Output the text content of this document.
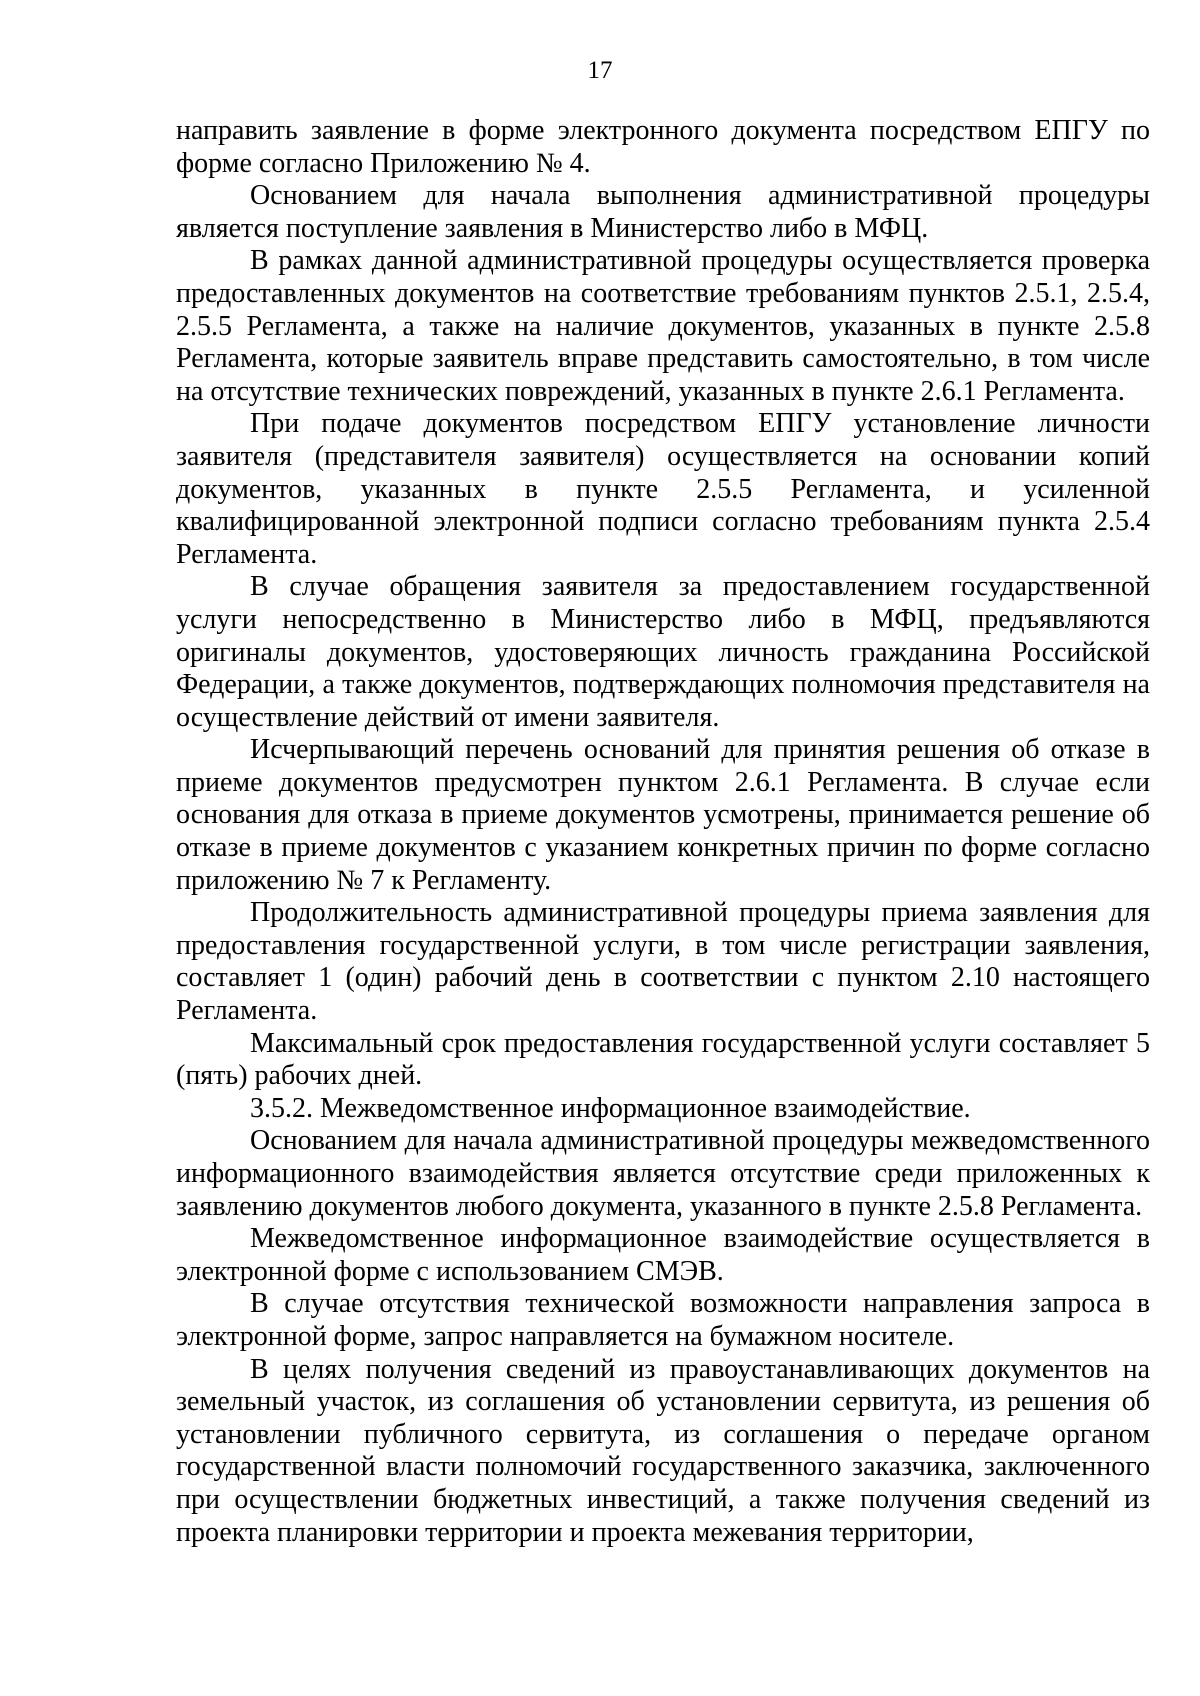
17

направить заявление в форме электронного документа посредством ЕПГУ по форме согласно Приложению № 4.

Основанием для начала выполнения административной процедуры является поступление заявления в Министерство либо в МФЦ.

В рамках данной административной процедуры осуществляется проверка предоставленных документов на соответствие требованиям пунктов 2.5.1, 2.5.4, 2.5.5 Регламента, а также на наличие документов, указанных в пункте 2.5.8 Регламента, которые заявитель вправе представить самостоятельно, в том числе на отсутствие технических повреждений, указанных в пункте 2.6.1 Регламента.

При подаче документов посредством ЕПГУ установление личности заявителя (представителя заявителя) осуществляется на основании копий документов, указанных в пункте 2.5.5 Регламента, и усиленной квалифицированной электронной подписи согласно требованиям пункта 2.5.4 Регламента.

В случае обращения заявителя за предоставлением государственной услуги непосредственно в Министерство либо в МФЦ, предъявляются оригиналы документов, удостоверяющих личность гражданина Российской Федерации, а также документов, подтверждающих полномочия представителя на осуществление действий от имени заявителя.

Исчерпывающий перечень оснований для принятия решения об отказе в приеме документов предусмотрен пунктом 2.6.1 Регламента. В случае если основания для отказа в приеме документов усмотрены, принимается решение об отказе в приеме документов с указанием конкретных причин по форме согласно приложению № 7 к Регламенту.

Продолжительность административной процедуры приема заявления для предоставления государственной услуги, в том числе регистрации заявления, составляет 1 (один) рабочий день в соответствии с пунктом 2.10 настоящего Регламента.

Максимальный срок предоставления государственной услуги составляет 5 (пять) рабочих дней.

3.5.2. Межведомственное информационное взаимодействие.

Основанием для начала административной процедуры межведомственного информационного взаимодействия является отсутствие среди приложенных к заявлению документов любого документа, указанного в пункте 2.5.8 Регламента.

Межведомственное информационное взаимодействие осуществляется в электронной форме с использованием СМЭВ.

В случае отсутствия технической возможности направления запроса в электронной форме, запрос направляется на бумажном носителе.

В целях получения сведений из правоустанавливающих документов на земельный участок, из соглашения об установлении сервитута, из решения об установлении публичного сервитута, из соглашения о передаче органом государственной власти полномочий государственного заказчика, заключенного при осуществлении бюджетных инвестиций, а также получения сведений из проекта планировки территории и проекта межевания территории,
